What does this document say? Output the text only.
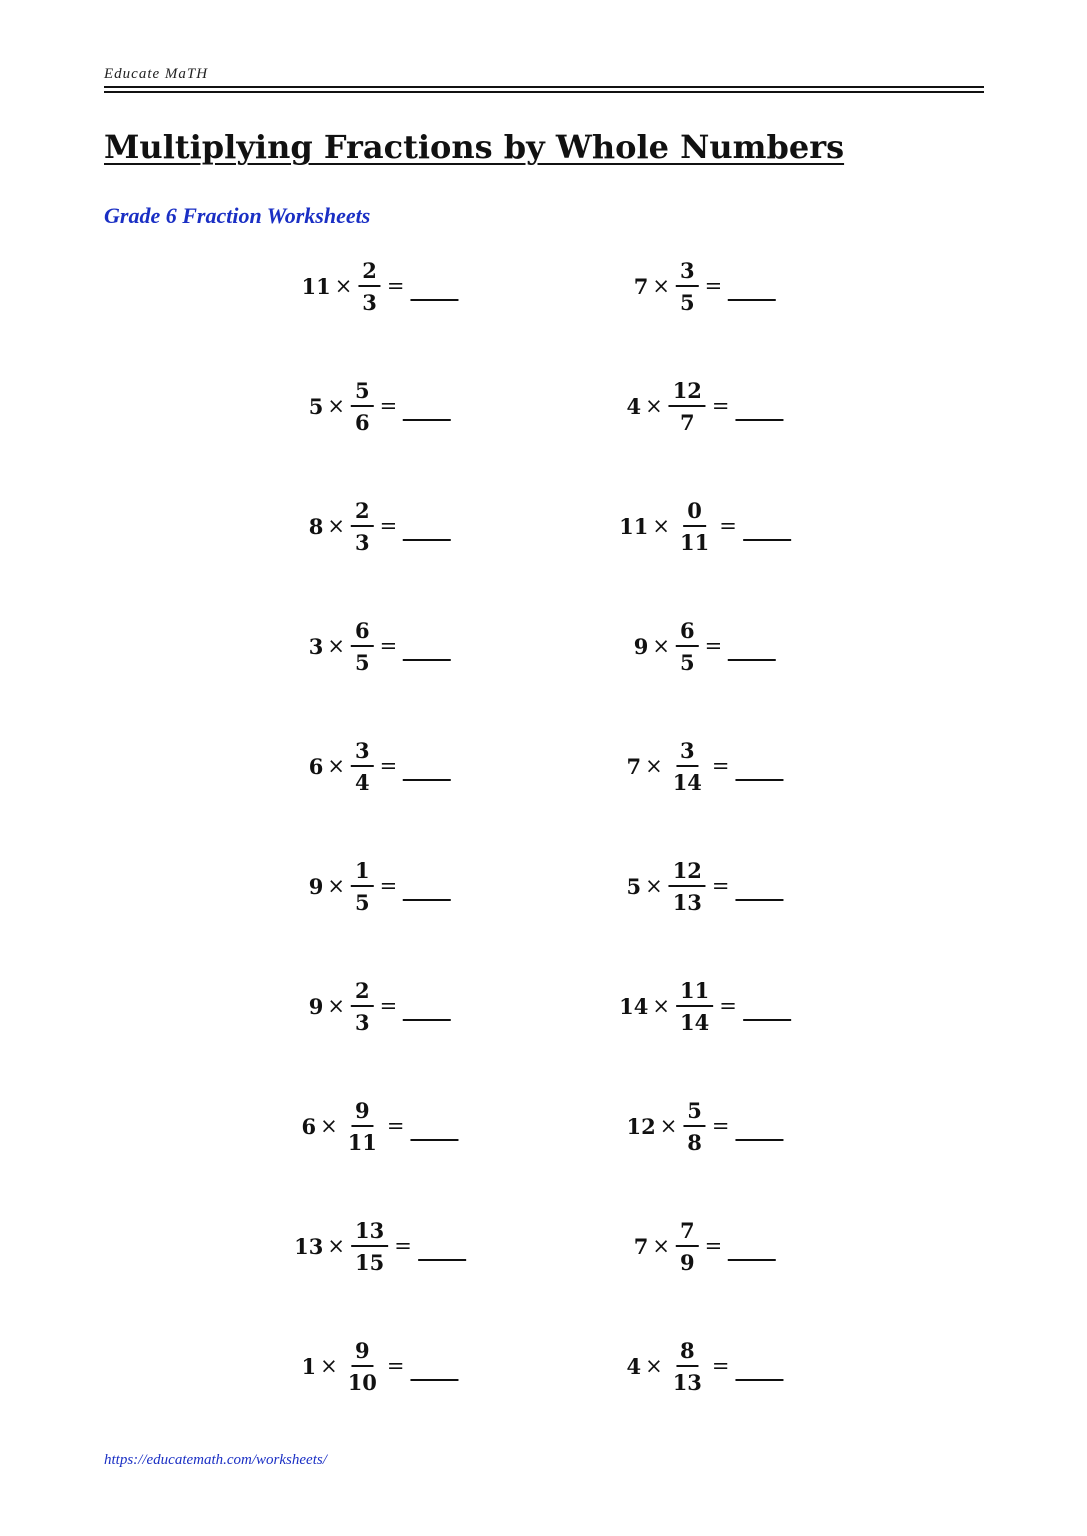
Educate MaTH
Multiplying Fractions by Whole Numbers
Grade 6 Fraction Worksheets
$11 \times \frac{2}{3}$ =
$5 \times \frac{5}{6}$ =
$8 \times \frac{2}{3}$ =
$3 \times \frac{6}{5}$ =
$6 \times \frac{3}{4}$ =
$9 \times \frac{1}{5}$ =
$9 \times \frac{2}{3}$ =
$6 \times \frac{9}{11}$ =
$13 \times \frac{13}{15}$ =
$1 \times \frac{9}{10}$ =
$7 \times \frac{3}{5}$ =
$4 \times \frac{12}{7}$ =
$11 \times \frac{0}{11}$ =
$9 \times \frac{6}{5}$ =
$7 \times \frac{3}{14}$ =
$5 \times \frac{12}{13}$ =
$14 \times \frac{11}{14}$ =
$12 \times \frac{5}{8}$ =
$7 \times \frac{7}{9}$ =
$4 \times \frac{8}{13}$ =
https://educatemath.com/worksheets/
